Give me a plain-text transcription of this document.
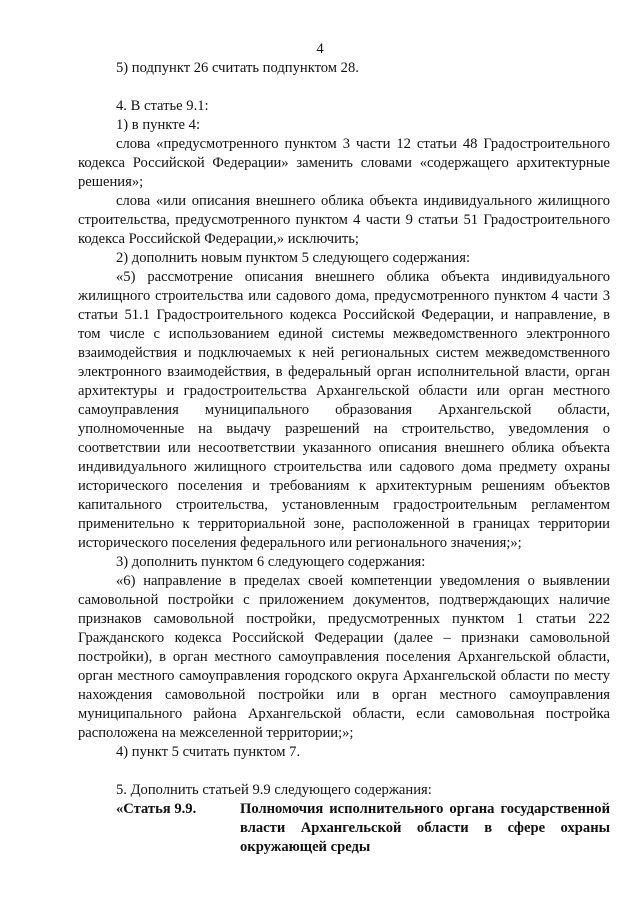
4

5) подпункт 26 считать подпунктом 28.

4. В статье 9.1:

1) в пункте 4:

слова «предусмотренного пунктом 3 части 12 статьи 48 Градостроительного кодекса Российской Федерации» заменить словами «содержащего архитектурные решения»;

слова «или описания внешнего облика объекта индивидуального жилищного строительства, предусмотренного пунктом 4 части 9 статьи 51 Градостроительного кодекса Российской Федерации,» исключить;

2) дополнить новым пунктом 5 следующего содержания:

«5) рассмотрение описания внешнего облика объекта индивидуального жилищного строительства или садового дома, предусмотренного пунктом 4 части 3 статьи 51.1 Градостроительного кодекса Российской Федерации, и направление, в том числе с использованием единой системы межведомственного электронного взаимодействия и подключаемых к ней региональных систем межведомственного электронного взаимодействия, в федеральный орган исполнительной власти, орган архитектуры и градостроительства Архангельской области или орган местного самоуправления муниципального образования Архангельской области, уполномоченные на выдачу разрешений на строительство, уведомления о соответствии или несоответствии указанного описания внешнего облика объекта индивидуального жилищного строительства или садового дома предмету охраны исторического поселения и требованиям к архитектурным решениям объектов капитального строительства, установленным градостроительным регламентом применительно к территориальной зоне, расположенной в границах территории исторического поселения федерального или регионального значения;»;

3) дополнить пунктом 6 следующего содержания:

«6) направление в пределах своей компетенции уведомления о выявлении самовольной постройки с приложением документов, подтверждающих наличие признаков самовольной постройки, предусмотренных пунктом 1 статьи 222 Гражданского кодекса Российской Федерации (далее – признаки самовольной постройки), в орган местного самоуправления поселения Архангельской области, орган местного самоуправления городского округа Архангельской области по месту нахождения самовольной постройки или в орган местного самоуправления муниципального района Архангельской области, если самовольная постройка расположена на межселенной территории;»;

4) пункт 5 считать пунктом 7.

5. Дополнить статьей 9.9 следующего содержания:

«Статья 9.9.	Полномочия исполнительного органа государственной власти Архангельской области в сфере охраны окружающей среды
